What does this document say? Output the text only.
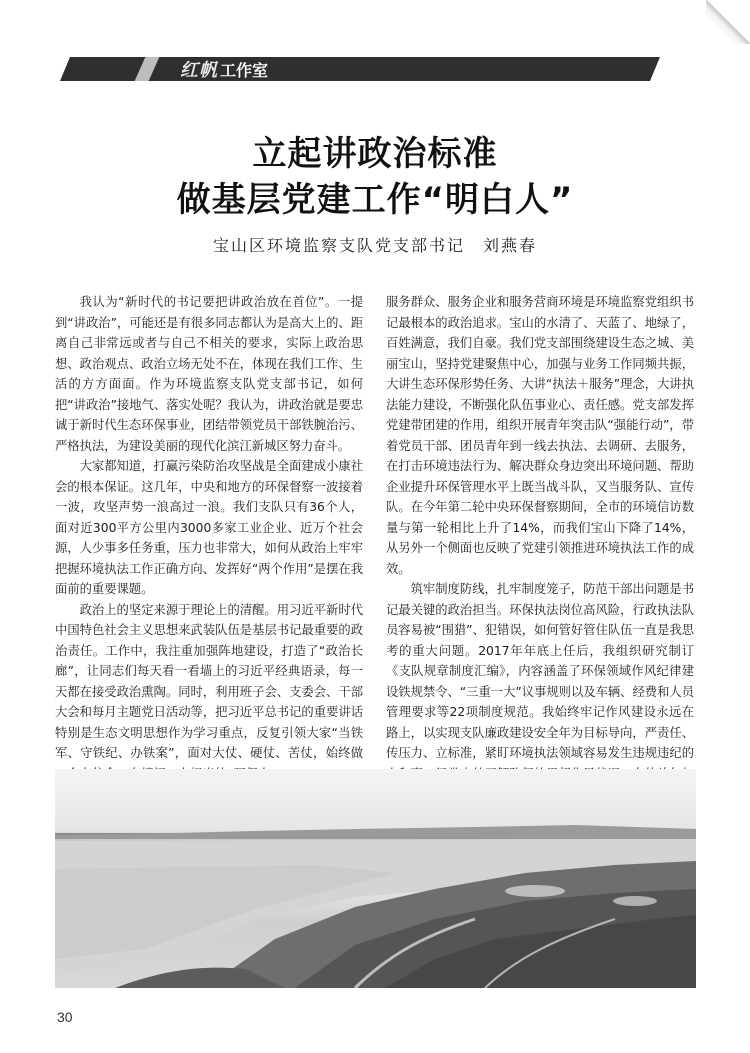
红帆 工作室
立起讲政治标准
做基层党建工作“明白人”
宝山区环境监察支队党支部书记　刘燕春

我认为“新时代的书记要把讲政治放在首位”。一提到“讲政治”，可能还是有很多同志都认为是高大上的、距离自己非常远或者与自己不相关的要求，实际上政治思想、政治观点、政治立场无处不在，体现在我们工作、生活的方方面面。作为环境监察支队党支部书记，如何把“讲政治”接地气、落实处呢？我认为，讲政治就是要忠诚于新时代生态环保事业，团结带领党员干部铁腕治污、严格执法，为建设美丽的现代化滨江新城区努力奋斗。

大家都知道，打赢污染防治攻坚战是全面建成小康社会的根本保证。这几年，中央和地方的环保督察一波接着一波，攻坚声势一浪高过一浪。我们支队只有36个人，面对近300平方公里内3000多家工业企业、近万个社会源，人少事多任务重，压力也非常大，如何从政治上牢牢把握环境执法工作正确方向、发挥好“两个作用”是摆在我面前的重要课题。

政治上的坚定来源于理论上的清醒。用习近平新时代中国特色社会主义思想来武装队伍是基层书记最重要的政治责任。工作中，我注重加强阵地建设，打造了“政治长廊”，让同志们每天看一看墙上的习近平经典语录，每一天都在接受政治熏陶。同时，利用班子会、支委会、干部大会和每月主题党日活动等，把习近平总书记的重要讲话特别是生态文明思想作为学习重点，反复引领大家“当铁军、守铁纪、办铁案”，面对大仗、硬仗、苦仗，始终做

服务群众、服务企业和服务营商环境是环境监察党组织书记最根本的政治追求。宝山的水清了、天蓝了、地绿了，百姓满意，我们自豪。我们党支部围绕建设生态之城、美丽宝山，坚持党建聚焦中心，加强与业务工作同频共振，大讲生态环保形势任务、大讲“执法＋服务”理念，大讲执法能力建设，不断强化队伍事业心、责任感。党支部发挥党建带团建的作用，组织开展青年突击队“强能行动”，带着党员干部、团员青年到一线去执法、去调研、去服务，在打击环境违法行为、解决群众身边突出环境问题、帮助企业提升环保管理水平上既当战斗队，又当服务队、宣传队。在今年第二轮中央环保督察期间，全市的环境信访数量与第一轮相比上升了14%，而我们宝山下降了14%，从另外一个侧面也反映了党建引领推进环境执法工作的成效。

筑牢制度防线，扎牢制度笼子，防范干部出问题是书记最关键的政治担当。环保执法岗位高风险，行政执法队员容易被“围猎”、犯错误，如何管好管住队伍一直是我思考的重大问题。2017年年底上任后，我组织研究制订《支队规章制度汇编》，内容涵盖了环保领域作风纪律建设铁规禁令、“三重一大”议事规则以及车辆、经费和人员管理要求等22项制度规范。我始终牢记作风建设永远在路上，以实现支队廉政建设安全年为目标导向，严责任、传压力、立标准，紧盯环境执法领域容易发生违规违纪的

30
